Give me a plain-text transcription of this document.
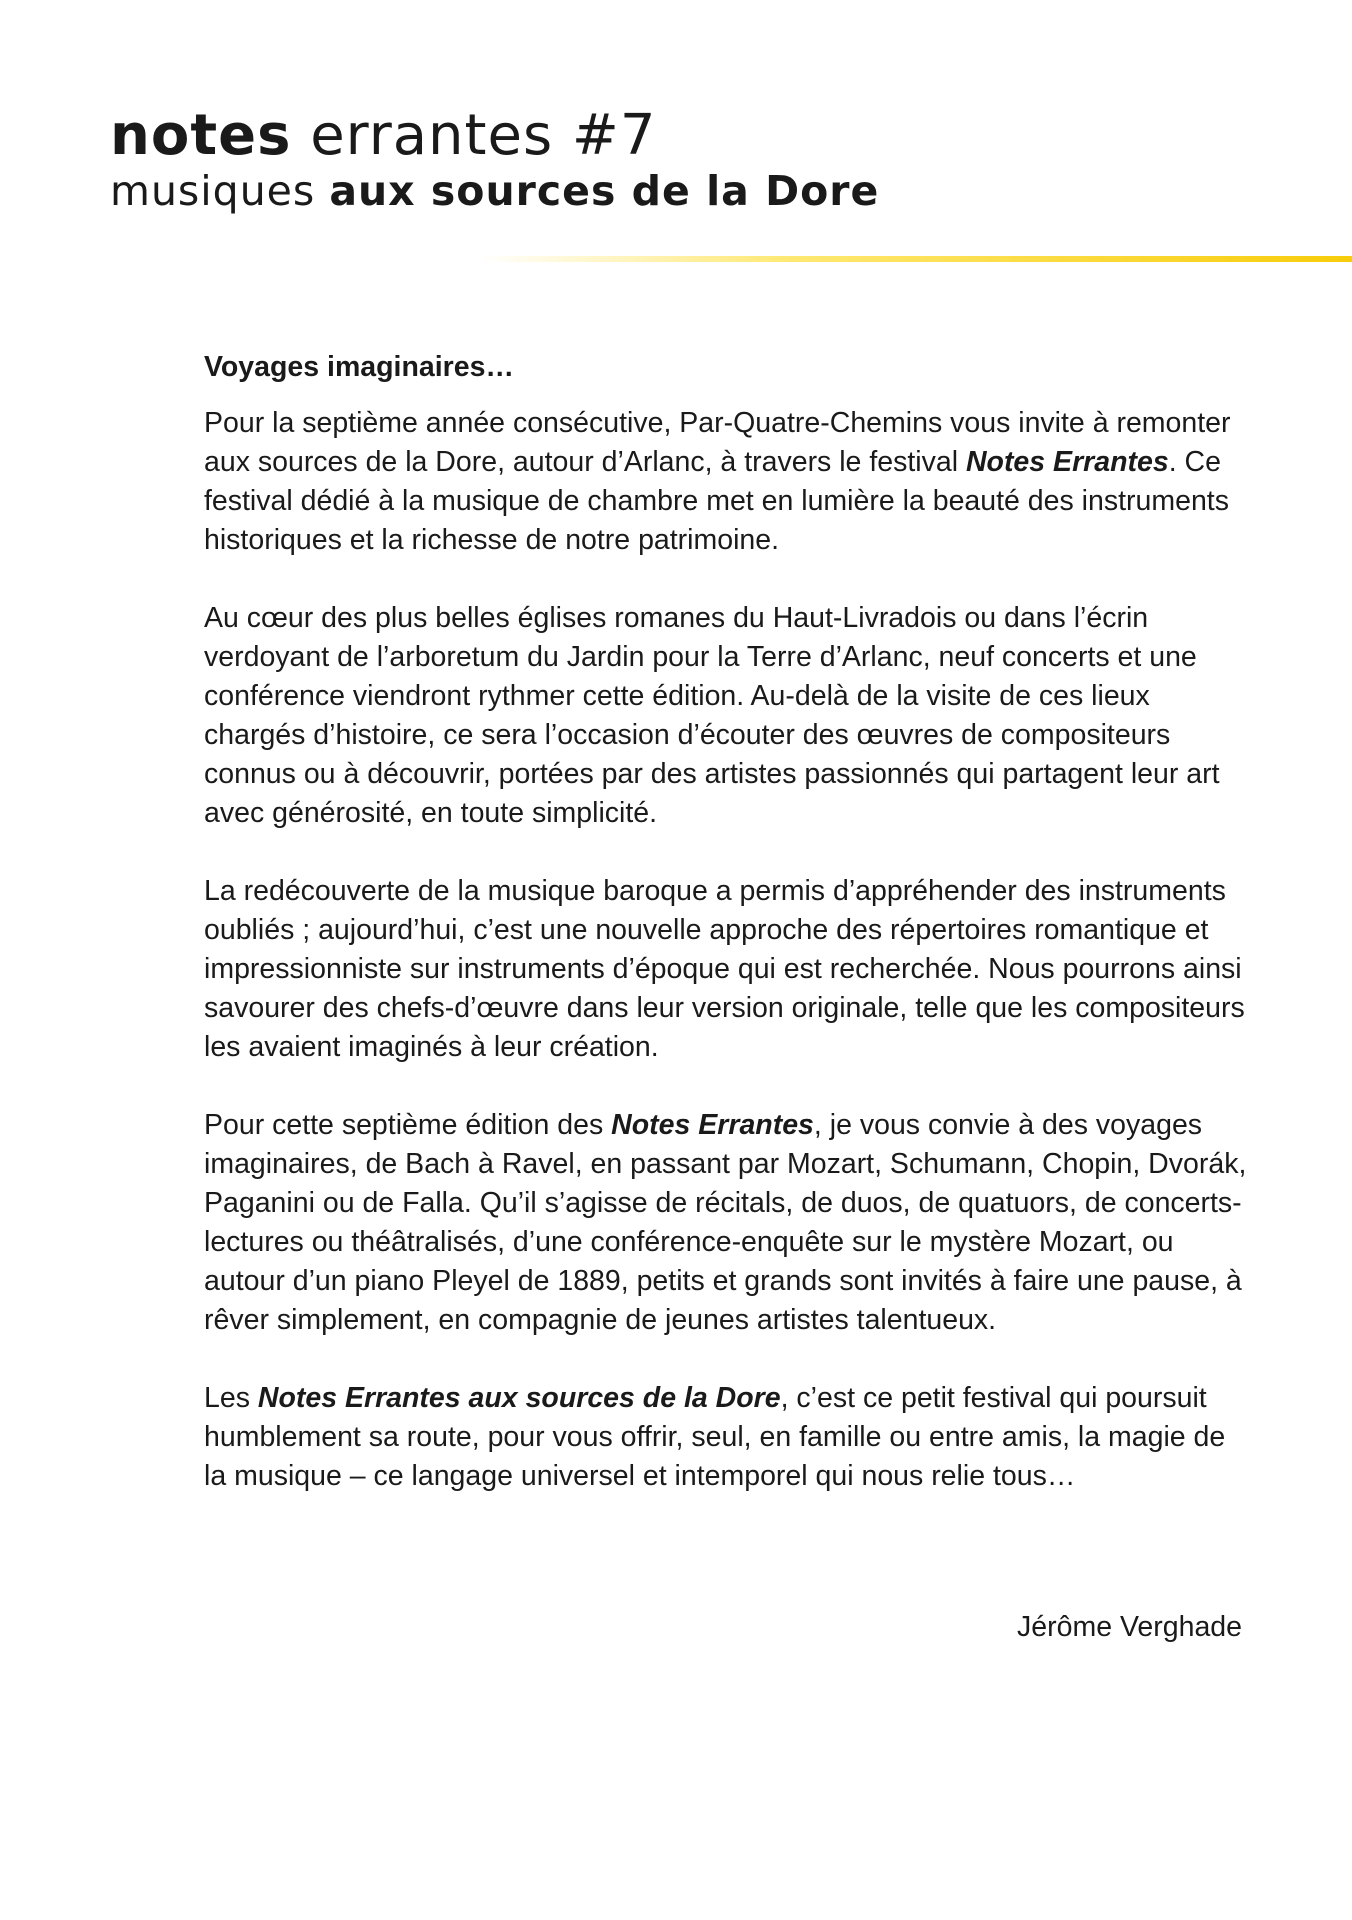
notes errantes #7
musiques aux sources de la Dore
Voyages imaginaires…

Pour la septième année consécutive, Par-Quatre-Chemins vous invite à remonter aux sources de la Dore, autour d’Arlanc, à travers le festival Notes Errantes. Ce festival dédié à la musique de chambre met en lumière la beauté des instruments historiques et la richesse de notre patrimoine.

Au cœur des plus belles églises romanes du Haut-Livradois ou dans l’écrin verdoyant de l’arboretum du Jardin pour la Terre d’Arlanc, neuf concerts et une conférence viendront rythmer cette édition. Au-delà de la visite de ces lieux chargés d’histoire, ce sera l’occasion d’écouter des œuvres de compositeurs connus ou à découvrir, portées par des artistes passionnés qui partagent leur art avec générosité, en toute simplicité.

La redécouverte de la musique baroque a permis d’appréhender des instruments oubliés ; aujourd’hui, c’est une nouvelle approche des répertoires romantique et impressionniste sur instruments d’époque qui est recherchée. Nous pourrons ainsi savourer des chefs-d’œuvre dans leur version originale, telle que les compositeurs les avaient imaginés à leur création.

Pour cette septième édition des Notes Errantes, je vous convie à des voyages imaginaires, de Bach à Ravel, en passant par Mozart, Schumann, Chopin, Dvorák, Paganini ou de Falla. Qu’il s’agisse de récitals, de duos, de quatuors, de concerts-lectures ou théâtralisés, d’une conférence-enquête sur le mystère Mozart, ou autour d’un piano Pleyel de 1889, petits et grands sont invités à faire une pause, à rêver simplement, en compagnie de jeunes artistes talentueux.

Les Notes Errantes aux sources de la Dore, c’est ce petit festival qui poursuit humblement sa route, pour vous offrir, seul, en famille ou entre amis, la magie de la musique – ce langage universel et intemporel qui nous relie tous…

Jérôme Verghade
